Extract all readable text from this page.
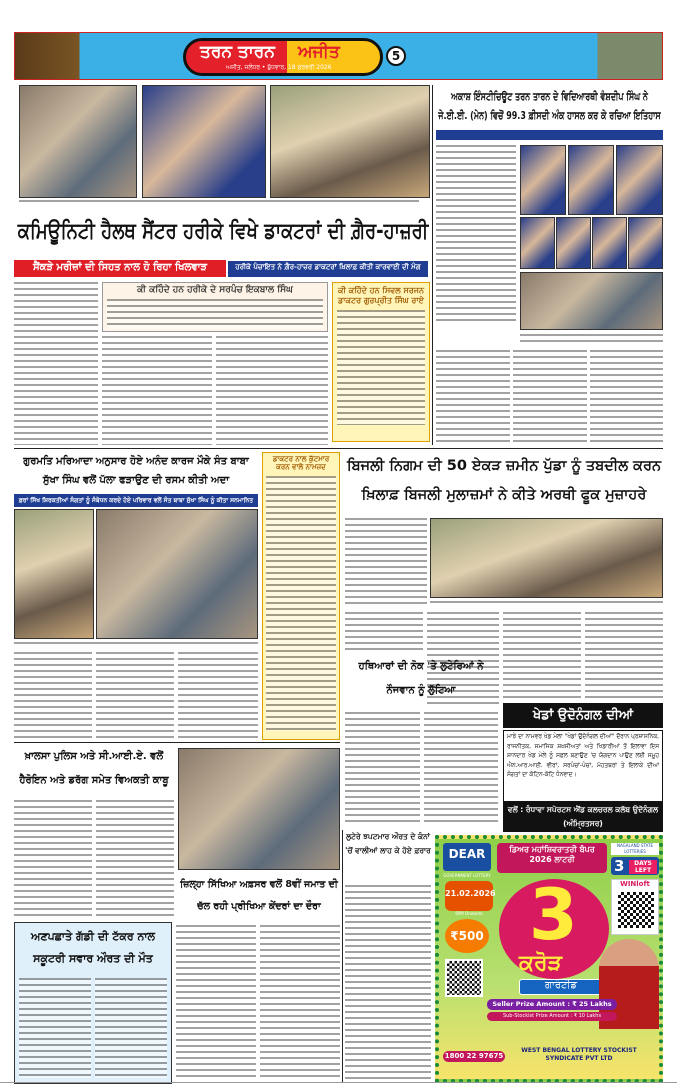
ਤਰਨ ਤਾਰਨ ਅਜੀਤ
ਅਜੀਤ, ਜਲੰਧਰ • ਬੁੱਧਵਾਰ, 18 ਫਰਵਰੀ 2026
5
ਕਮਿਊਨਿਟੀ ਹੈਲਥ ਸੈਂਟਰ ਹਰੀਕੇ ਵਿਖੇ ਡਾਕਟਰਾਂ ਦੀ ਗ਼ੈਰ-ਹਾਜ਼ਰੀ
ਸੈਂਕੜੇ ਮਰੀਜ਼ਾਂ ਦੀ ਸਿਹਤ ਨਾਲ ਹੋ ਰਿਹਾ ਖਿਲਵਾੜ	ਹਰੀਕੇ ਪੰਚਾਇਤ ਨੇ ਗ਼ੈਰ-ਹਾਜ਼ਰ ਡਾਕਟਰਾਂ ਖ਼ਿਲਾਫ਼ ਕੀਤੀ ਕਾਰਵਾਈ ਦੀ ਮੰਗ
ਕੀ ਕਹਿੰਦੇ ਹਨ ਹਰੀਕੇ ਦੇ ਸਰਪੰਚ ਇਕਬਾਲ ਸਿੰਘ	ਕੀ ਕਹਿੰਦੇ ਹਨ ਸਿਵਲ ਸਰਜਨ ਡਾਕਟਰ ਗੁਰਪ੍ਰੀਤ ਸਿੰਘ ਰਾਏ
ਅਕਾਸ਼ ਇੰਸਟੀਚਿਊਟ ਤਰਨ ਤਾਰਨ ਦੇ ਵਿਦਿਆਰਥੀ ਵੰਸ਼ਦੀਪ ਸਿੰਘ ਨੇ ਜੇ.ਈ.ਈ. (ਮੇਨ) ਵਿਚੋਂ 99.3 ਫ਼ੀਸਦੀ ਅੰਕ ਹਾਸਲ ਕਰ ਕੇ ਰਚਿਆ ਇਤਿਹਾਸ
ਗੁਰਮਤਿ ਮਰਿਆਦਾ ਅਨੁਸਾਰ ਹੋਏ ਅਨੰਦ ਕਾਰਜ ਮੌਕੇ ਸੰਤ ਬਾਬਾ ਸੁੱਖਾ ਸਿੰਘ ਵਲੋਂ ਪੱਲਾ ਫੜਾਉਣ ਦੀ ਰਸਮ ਕੀਤੀ ਅਦਾ
ਫ਼ਰਾਂ ਸਿੱਖ ਸ਼ਿਰਕਤੀਆਂ ਸੰਗਤਾਂ ਨੂੰ ਸੰਬੋਧਨ ਕਰਦੇ ਹੋਏ ਪਰਿਵਾਰ ਵਲੋਂ ਸੰਤ ਬਾਬਾ ਸੁੱਖਾ ਸਿੰਘ ਨੂੰ ਕੀਤਾ ਸਨਮਾਨਿਤ
ਡਾਕਟਰ ਨਾਲ ਕੁੱਟਮਾਰ ਕਰਨ ਵਾਲੇ ਨਾਮਜ਼ਦ	ਬਿਜਲੀ ਨਿਗਮ ਦੀ 50 ਏਕੜ ਜ਼ਮੀਨ ਪੁੱਡਾ ਨੂੰ ਤਬਦੀਲ ਕਰਨ ਖ਼ਿਲਾਫ਼ ਬਿਜਲੀ ਮੁਲਾਜ਼ਮਾਂ ਨੇ ਕੀਤੇ ਅਰਥੀ ਫੂਕ ਮੁਜ਼ਾਹਰੇ
ਹਥਿਆਰਾਂ ਦੀ ਨੋਕ 'ਤੇ ਲੁਟੇਰਿਆਂ ਨੇ ਨੌਜਵਾਨ ਨੂੰ ਲੁੱਟਿਆ
ਖੇਡਾਂ ਉਦੋਨੰਗਲ ਦੀਆਂ
ਮਾਝੇ ਦਾ ਨਾਮਵਰ ਖੇਡ ਮੇਲਾ "ਖੇਡਾਂ ਉਦੋਨੰਗਲ ਦੀਆਂ" ਦੌਰਾਨ ਪ੍ਰਸ਼ਾਸਨਿਕ, ਰਾਜਨੀਤਕ, ਸਮਾਜਿਕ ਸ਼ਖ਼ਸੀਅਤਾਂ ਅਤੇ ਖਿਡਾਰੀਆਂ ਤੋਂ ਇਲਾਵਾ ਇਸ ਸ਼ਾਨਦਾਰ ਖੇਡ ਮੇਲੇ ਨੂੰ ਸਫ਼ਲ ਬਣਾਉਣ 'ਚ ਯੋਗਦਾਨ ਪਾਉਣ ਲਈ ਸਮੂਹ ਐਨ.ਆਰ.ਆਈ. ਵੀਰਾਂ, ਸਰਪੰਚਾਂ-ਪੰਚਾਂ, ਮੋਹਤਬਰਾਂ ਤੇ ਇਲਾਕੇ ਦੀਆਂ ਸੰਗਤਾਂ ਦਾ ਕੋਟਿਨ-ਕੋਟਿ ਧੰਨਵਾਦ।
ਵਲੋਂ : ਰੰਧਾਵਾ ਸਪੋਰਟਸ ਐਂਡ ਕਲਚਰਲ ਕਲੱਬ ਉਦੋਨੰਗਲ (ਅੰਮ੍ਰਿਤਸਰ)
ਖ਼ਾਲਸਾ ਪੁਲਿਸ ਅਤੇ ਸੀ.ਆਈ.ਏ. ਵਲੋਂ ਹੈਰੋਇਨ ਅਤੇ ਡਰੱਗ ਸਮੇਤ ਵਿਅਕਤੀ ਕਾਬੂ
ਜ਼ਿਲ੍ਹਾ ਸਿੱਖਿਆ ਅਫ਼ਸਰ ਵਲੋਂ 8ਵੀਂ ਜਮਾਤ ਦੀ ਚੱਲ ਰਹੀ ਪ੍ਰੀਖਿਆ ਕੇਂਦਰਾਂ ਦਾ ਦੌਰਾ
ਅਣਪਛਾਤੇ ਗੱਡੀ ਦੀ ਟੱਕਰ ਨਾਲ ਸਕੂਟਰੀ ਸਵਾਰ ਔਰਤ ਦੀ ਮੌਤ
ਲੁਟੇਰੇ ਝਪਟਮਾਰ ਔਰਤ ਦੇ ਕੰਨਾਂ 'ਚੋਂ ਵਾਲੀਆਂ ਲਾਹ ਕੇ ਹੋਏ ਫ਼ਰਾਰ	DEAR
GOVERNMENT LOTTERY
ਡਿਅਰ ਮਹਾਂਸ਼ਿਵਰਾਤਰੀ ਬੰਪਰ 2026 ਲਾਟਰੀ
NAGALAND STATE LOTTERIES
3	DAYS LEFT
21.02.2026
6PM Onwards
₹500 3
ਕਰੋੜ
ਗਾਰੰਟੀਡ
WINloft
Seller Prize Amount : ₹ 25 Lakhs
Sub-Stockist Prize Amount : ₹ 10 Lakhs
1800 22 97675
WEST BENGAL LOTTERY STOCKIST SYNDICATE PVT LTD
